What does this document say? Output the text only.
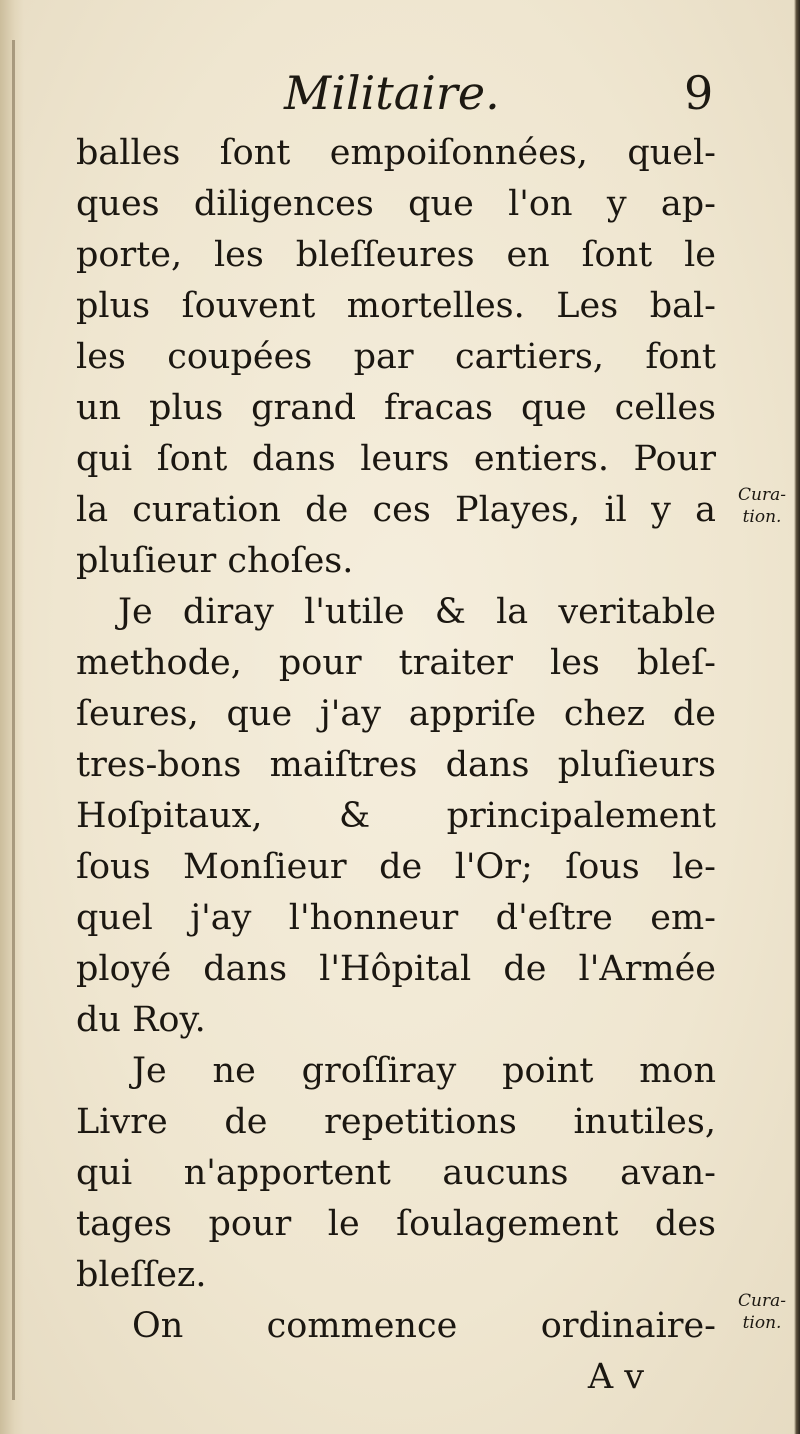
Militaire.	9
balles ſont empoiſonnées, quel-
ques diligences que l'on y ap-
porte, les bleſſeures en ſont le
plus ſouvent mortelles. Les bal-
les coupées par cartiers, font
un plus grand fracas que celles
qui ſont dans leurs entiers. Pour
la curation de ces Playes, il y a
pluſieur choſes.
Je diray l'utile & la veritable
methode, pour traiter les bleſ-
ſeures, que j'ay appriſe chez de
tres-bons maiſtres dans pluſieurs
Hoſpitaux, & principalement
ſous Monſieur de l'Or; ſous le-
quel j'ay l'honneur d'eſtre em-
ployé dans l'Hôpital de l'Armée
du Roy.
Je ne groſſiray point mon
Livre de repetitions inutiles,
qui n'apportent aucuns avan-
tages pour le ſoulagement des
bleſſez.
On commence ordinaire-
A v
Cura-
tion.
Cura-
tion.
